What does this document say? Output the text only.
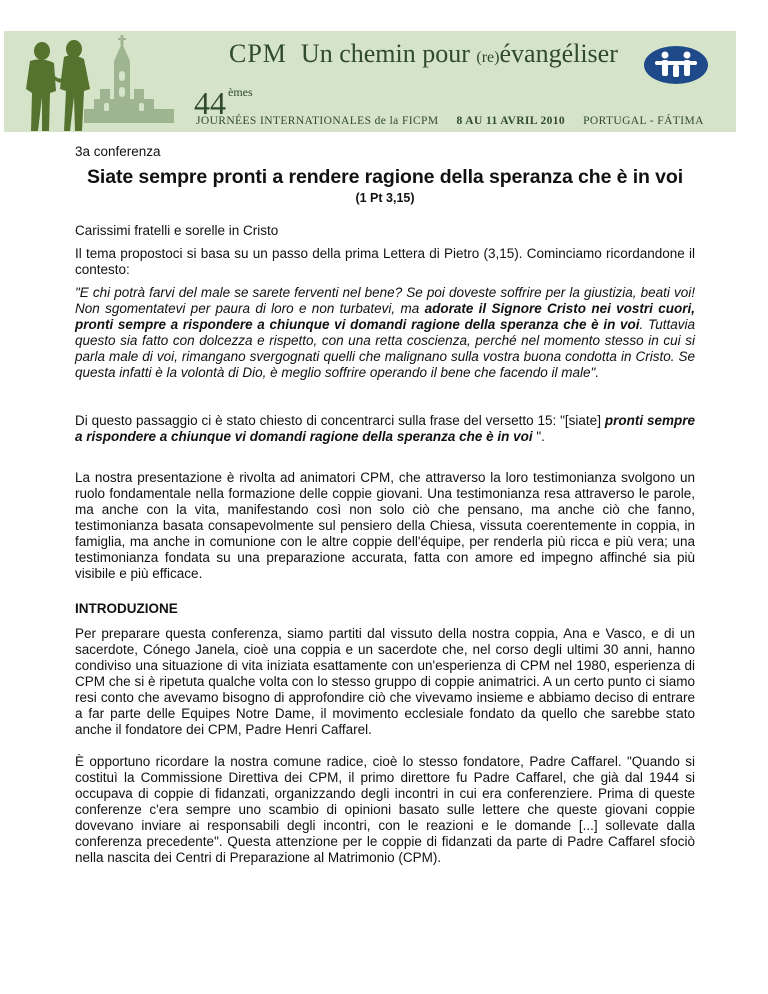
CPM Un chemin pour (re)évangéliser
44 $^{èmes}$
JOURNÉES INTERNATIONALES de la FICPM 8 AU 11 AVRIL 2010 PORTUGAL - FÁTIMA

3a conferenza

Siate sempre pronti a rendere ragione della speranza che è in voi

(1 Pt 3,15)

Carissimi fratelli e sorelle in Cristo

Il tema propostoci si basa su un passo della prima Lettera di Pietro (3,15). Cominciamo ricordandone il contesto:

"E chi potrà farvi del male se sarete ferventi nel bene? Se poi doveste soffrire per la giustizia, beati voi! Non sgomentatevi per paura di loro e non turbatevi, ma adorate il Signore Cristo nei vostri cuori, pronti sempre a rispondere a chiunque vi domandi ragione della speranza che è in voi. Tuttavia questo sia fatto con dolcezza e rispetto, con una retta coscienza, perché nel momento stesso in cui si parla male di voi, rimangano svergognati quelli che malignano sulla vostra buona condotta in Cristo. Se questa infatti è la volontà di Dio, è meglio soffrire operando il bene che facendo il male".

Di questo passaggio ci è stato chiesto di concentrarci sulla frase del versetto 15: "[siate] pronti sempre a rispondere a chiunque vi domandi ragione della speranza che è in voi ".

La nostra presentazione è rivolta ad animatori CPM, che attraverso la loro testimonianza svolgono un ruolo fondamentale nella formazione delle coppie giovani. Una testimonianza resa attraverso le parole, ma anche con la vita, manifestando così non solo ciò che pensano, ma anche ciò che fanno, testimonianza basata consapevolmente sul pensiero della Chiesa, vissuta coerentemente in coppia, in famiglia, ma anche in comunione con le altre coppie dell'équipe, per renderla più ricca e più vera; una testimonianza fondata su una preparazione accurata, fatta con amore ed impegno affinché sia più visibile e più efficace.

INTRODUZIONE

Per preparare questa conferenza, siamo partiti dal vissuto della nostra coppia, Ana e Vasco, e di un sacerdote, Cónego Janela, cioè una coppia e un sacerdote che, nel corso degli ultimi 30 anni, hanno condiviso una situazione di vita iniziata esattamente con un'esperienza di CPM nel 1980, esperienza di CPM che si è ripetuta qualche volta con lo stesso gruppo di coppie animatrici. A un certo punto ci siamo resi conto che avevamo bisogno di approfondire ciò che vivevamo insieme e abbiamo deciso di entrare a far parte delle Equipes Notre Dame, il movimento ecclesiale fondato da quello che sarebbe stato anche il fondatore dei CPM, Padre Henri Caffarel.

È opportuno ricordare la nostra comune radice, cioè lo stesso fondatore, Padre Caffarel. "Quando si costituì la Commissione Direttiva dei CPM, il primo direttore fu Padre Caffarel, che già dal 1944 si occupava di coppie di fidanzati, organizzando degli incontri in cui era conferenziere. Prima di queste conferenze c'era sempre uno scambio di opinioni basato sulle lettere che queste giovani coppie dovevano inviare ai responsabili degli incontri, con le reazioni e le domande [...] sollevate dalla conferenza precedente". Questa attenzione per le coppie di fidanzati da parte di Padre Caffarel sfociò nella nascita dei Centri di Preparazione al Matrimonio (CPM).
